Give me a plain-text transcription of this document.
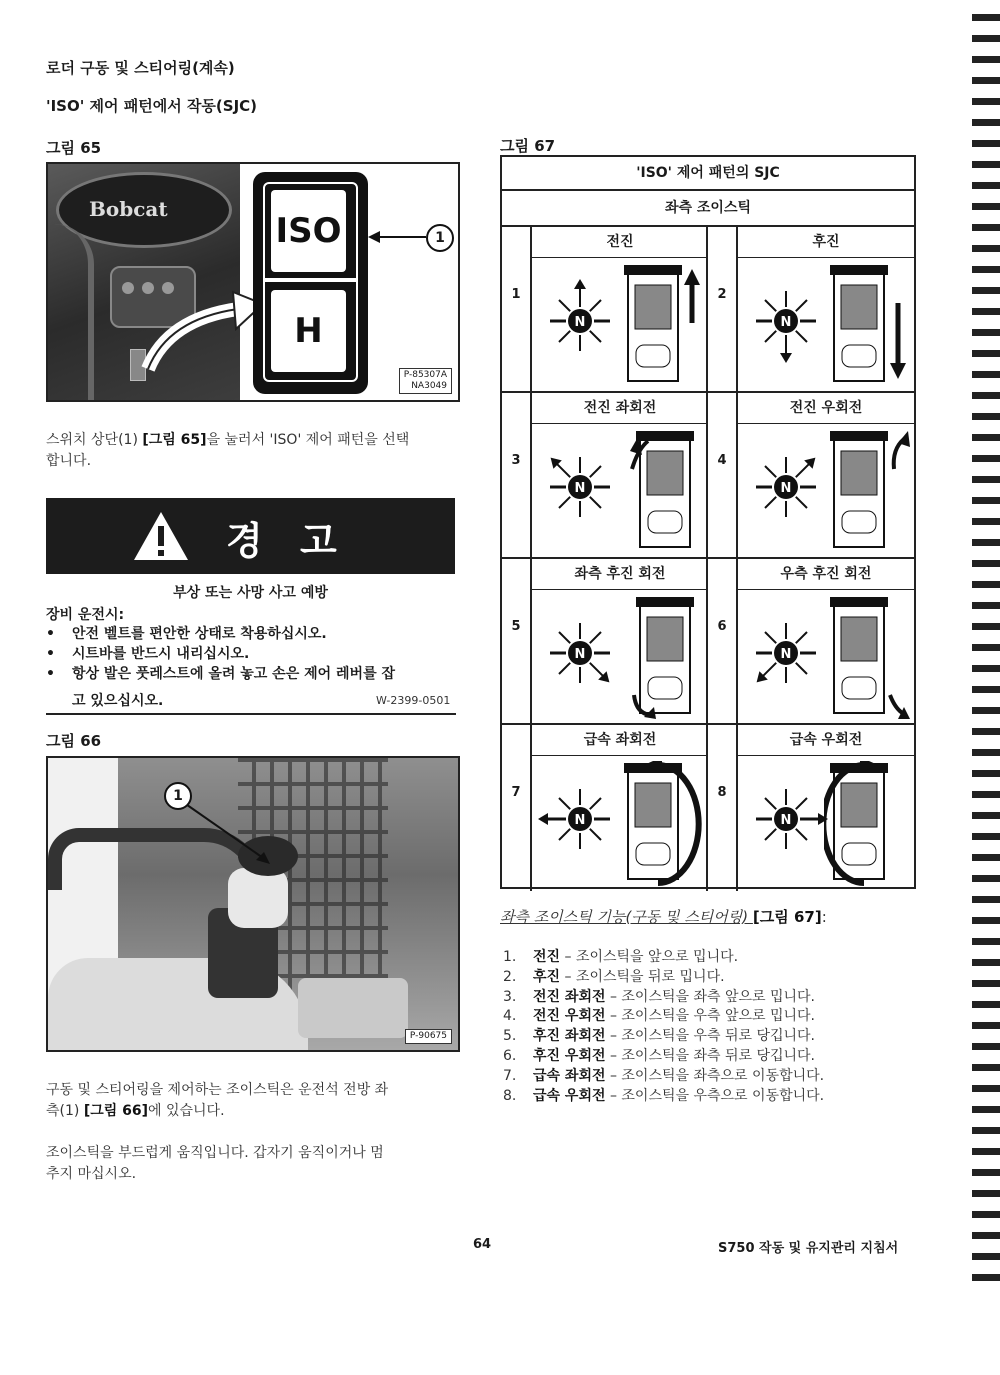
로더 구동 및 스티어링(계속)
'ISO' 제어 패턴에서 작동(SJC)
그림 65
Bobcat
ISO
H
1
P-85307A
NA3049
스위치 상단(1) [그림 65]을 눌러서 'ISO' 제어 패턴을 선택
합니다.
경 고
부상 또는 사망 사고 예방
장비 운전시:
• 안전 벨트를 편안한 상태로 착용하십시오.
• 시트바를 반드시 내리십시오.
• 항상 발은 풋레스트에 올려 놓고 손은 제어 레버를 잡
고 있으십시오.	W-2399-0501
그림 66
1
P-90675
구동 및 스티어링을 제어하는 조이스틱은 운전석 전방 좌
측(1) [그림 66]에 있습니다.
조이스틱을 부드럽게 움직입니다. 갑자기 움직이거나 멈
추지 마십시오.
그림 67
'ISO' 제어 패턴의 SJC
좌측 조이스틱
1
전진
N
2
후진
N
3
전진 좌회전
N
4
전진 우회전
N
5
좌측 후진 회전
N
6
우측 후진 회전
N
7
급속 좌회전
N
8
급속 우회전
N
좌측 조이스틱 기능(구동 및 스티어링) [그림 67]:
1. 전진 – 조이스틱을 앞으로 밉니다.
2. 후진 – 조이스틱을 뒤로 밉니다.
3. 전진 좌회전 – 조이스틱을 좌측 앞으로 밉니다.
4. 전진 우회전 – 조이스틱을 우측 앞으로 밉니다.
5. 후진 좌회전 – 조이스틱을 우측 뒤로 당깁니다.
6. 후진 우회전 – 조이스틱을 좌측 뒤로 당깁니다.
7. 급속 좌회전 – 조이스틱을 좌측으로 이동합니다.
8. 급속 우회전 – 조이스틱을 우측으로 이동합니다.
64	S750 작동 및 유지관리 지침서
